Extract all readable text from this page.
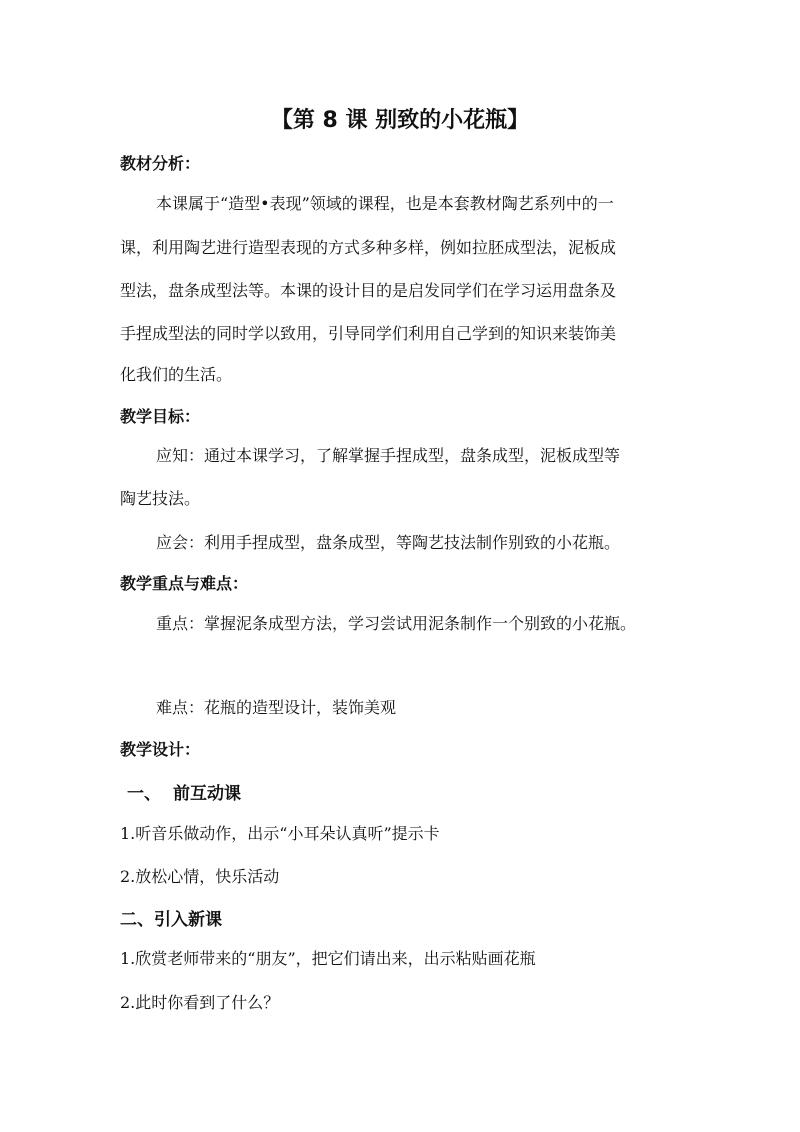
【第 8 课 别致的小花瓶】
教材分析：
本课属于“造型•表现”领域的课程，也是本套教材陶艺系列中的一
课，利用陶艺进行造型表现的方式多种多样，例如拉胚成型法，泥板成
型法，盘条成型法等。本课的设计目的是启发同学们在学习运用盘条及
手捏成型法的同时学以致用，引导同学们利用自己学到的知识来装饰美
化我们的生活。
教学目标：
应知：通过本课学习，了解掌握手捏成型，盘条成型，泥板成型等
陶艺技法。
应会：利用手捏成型，盘条成型，等陶艺技法制作别致的小花瓶。
教学重点与难点：
重点：掌握泥条成型方法，学习尝试用泥条制作一个别致的小花瓶。
难点：花瓶的造型设计，装饰美观
教学设计：
一、 前互动课
1.听音乐做动作，出示“小耳朵认真听”提示卡
2.放松心情，快乐活动
二、引入新课
1.欣赏老师带来的“朋友”，把它们请出来，出示粘贴画花瓶
2.此时你看到了什么？
